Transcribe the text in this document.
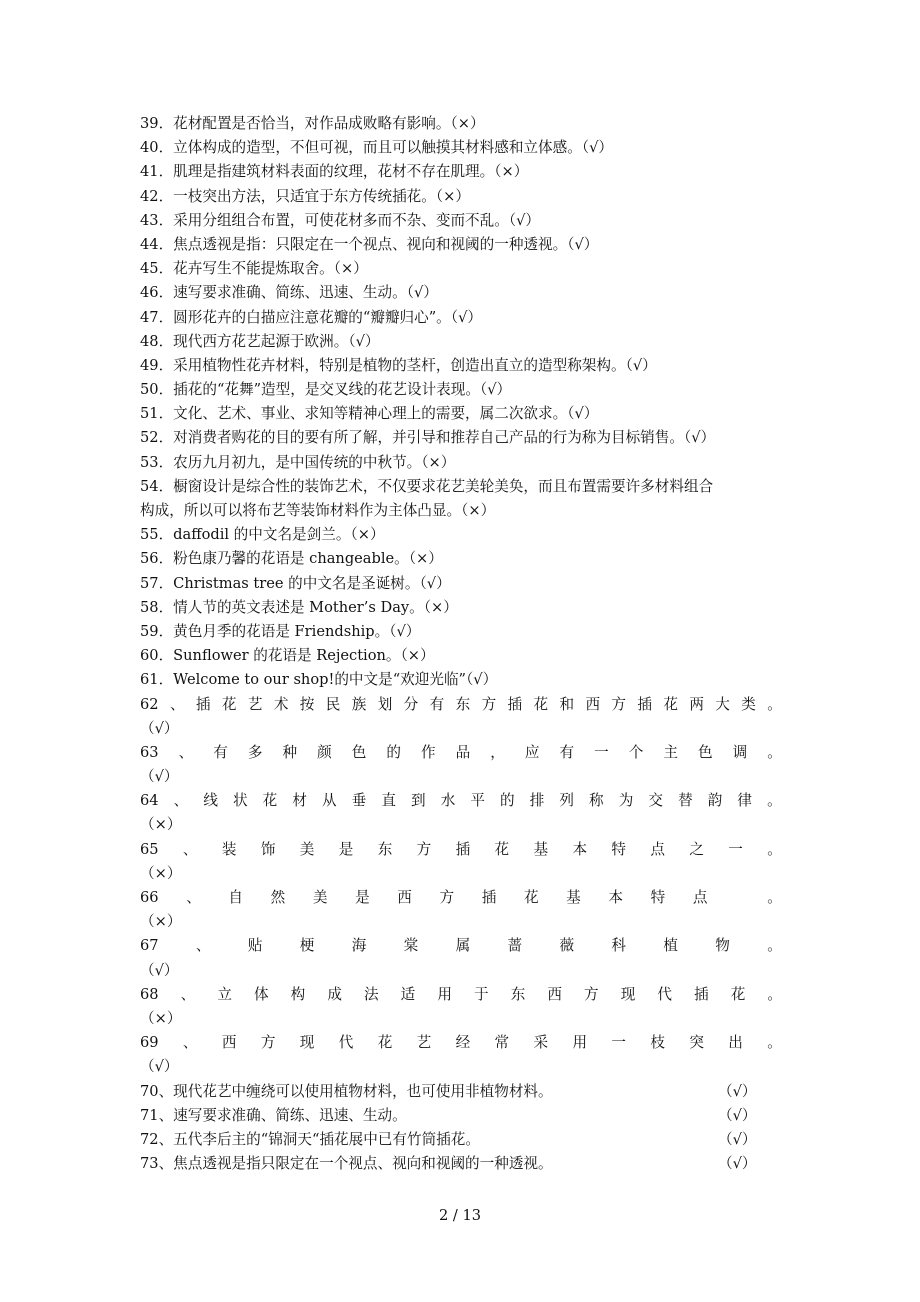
39．花材配置是否恰当，对作品成败略有影响。（×）
40．立体构成的造型，不但可视，而且可以触摸其材料感和立体感。（√）
41．肌理是指建筑材料表面的纹理，花材不存在肌理。（×）
42．一枝突出方法，只适宜于东方传统插花。（×）
43．采用分组组合布置，可使花材多而不杂、变而不乱。（√）
44．焦点透视是指：只限定在一个视点、视向和视阈的一种透视。（√）
45．花卉写生不能提炼取舍。（×）
46．速写要求准确、简练、迅速、生动。（√）
47．圆形花卉的白描应注意花瓣的“瓣瓣归心”。（√）
48．现代西方花艺起源于欧洲。（√）
49．采用植物性花卉材料，特别是植物的茎杆，创造出直立的造型称架构。（√）
50．插花的“花舞”造型，是交叉线的花艺设计表现。（√）
51．文化、艺术、事业、求知等精神心理上的需要，属二次欲求。（√）
52．对消费者购花的目的要有所了解，并引导和推荐自己产品的行为称为目标销售。（√）
53．农历九月初九，是中国传统的中秋节。（×）
54．橱窗设计是综合性的装饰艺术，不仅要求花艺美轮美奂，而且布置需要许多材料组合
构成，所以可以将布艺等装饰材料作为主体凸显。（×）
55．daffodil 的中文名是剑兰。（×）
56．粉色康乃馨的花语是 changeable。（×）
57．Christmas tree 的中文名是圣诞树。（√）
58．情人节的英文表述是 Mother’s Day。（×）
59．黄色月季的花语是 Friendship。（√）
60．Sunflower 的花语是 Rejection。（×）
61．Welcome to our shop!的中文是“欢迎光临”（√）
62 、 插 花 艺 术 按 民 族 划 分 有 东 方 插 花 和 西 方 插 花 两 大 类 。
（√）
63 、 有 多 种 颜 色 的 作 品 ， 应 有 一 个 主 色 调 。
（√）
64 、 线 状 花 材 从 垂 直 到 水 平 的 排 列 称 为 交 替 韵 律 。
（×）
65 、 装 饰 美 是 东 方 插 花 基 本 特 点 之 一 。
（×）
66 、 自 然 美 是 西 方 插 花 基 本 特 点
	。
（×）
67	、	贴	梗	海	棠	属	蔷	薇	科	植	物	。
（√）
68 、 立 体 构 成 法 适 用 于 东 西 方 现 代 插 花 。
（×）
69 、 西 方 现 代 花 艺 经 常 采 用 一 枝 突 出 。
（√）
70、现代花艺中缠绕可以使用植物材料，也可使用非植物材料。	（√）
71、速写要求准确、简练、迅速、生动。	（√）
72、五代李后主的“锦洞天“插花展中已有竹筒插花。	（√）
73、焦点透视是指只限定在一个视点、视向和视阈的一种透视。	（√）
2 / 13
